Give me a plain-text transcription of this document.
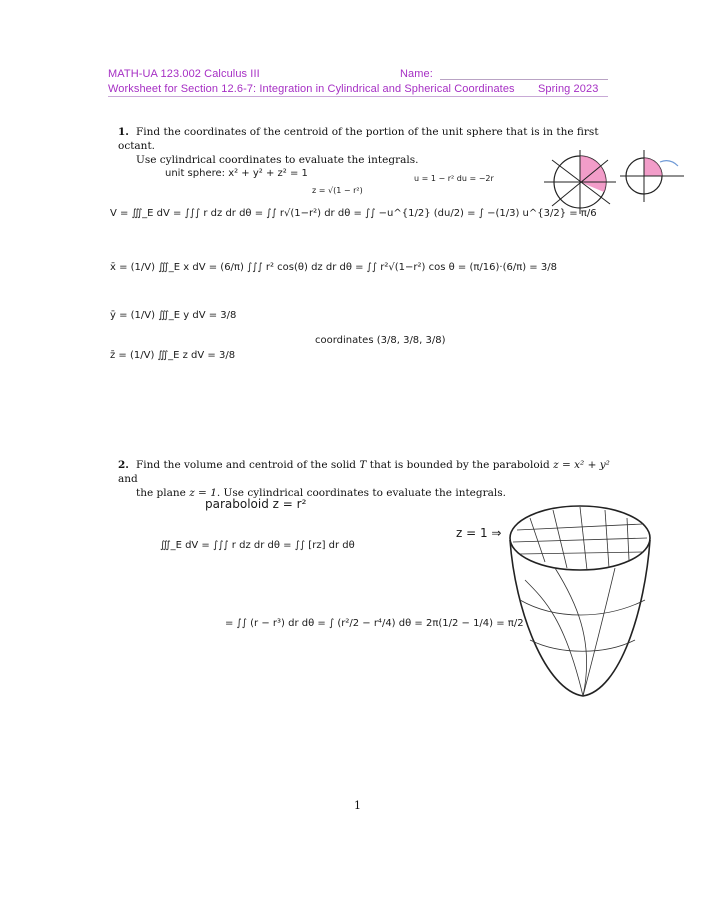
MATH-UA 123.002 Calculus III	Name:
Worksheet for Section 12.6-7: Integration in Cylindrical and Spherical Coordinates Spring 2023
1. Find the coordinates of the centroid of the portion of the unit sphere that is in the first octant.
Use cylindrical coordinates to evaluate the integrals.
unit sphere: x² + y² + z² = 1
z = √(1 − r²)
u = 1 − r² du = −2r
V = ∭_E dV = ∫∫∫ r dz dr dθ = ∫∫ r√(1−r²) dr dθ = ∫∫ −u^{1/2} (du/2) = ∫ −(1/3) u^{3/2} = π/6
x̄ = (1/V) ∭_E x dV = (6/π) ∫∫∫ r² cos(θ) dz dr dθ = ∫∫ r²√(1−r²) cos θ = (π/16)·(6/π) = 3/8
ȳ = (1/V) ∭_E y dV = 3/8
z̄ = (1/V) ∭_E z dV = 3/8
coordinates (3/8, 3/8, 3/8)
2. Find the volume and centroid of the solid T that is bounded by the paraboloid z = x² + y² and
the plane z = 1. Use cylindrical coordinates to evaluate the integrals.
paraboloid z = r²
∭_E dV = ∫∫∫ r dz dr dθ = ∫∫ [rz] dr dθ
= ∫∫ (r − r³) dr dθ = ∫ (r²/2 − r⁴/4) dθ = 2π(1/2 − 1/4) = π/2
z = 1 ⇒
1
